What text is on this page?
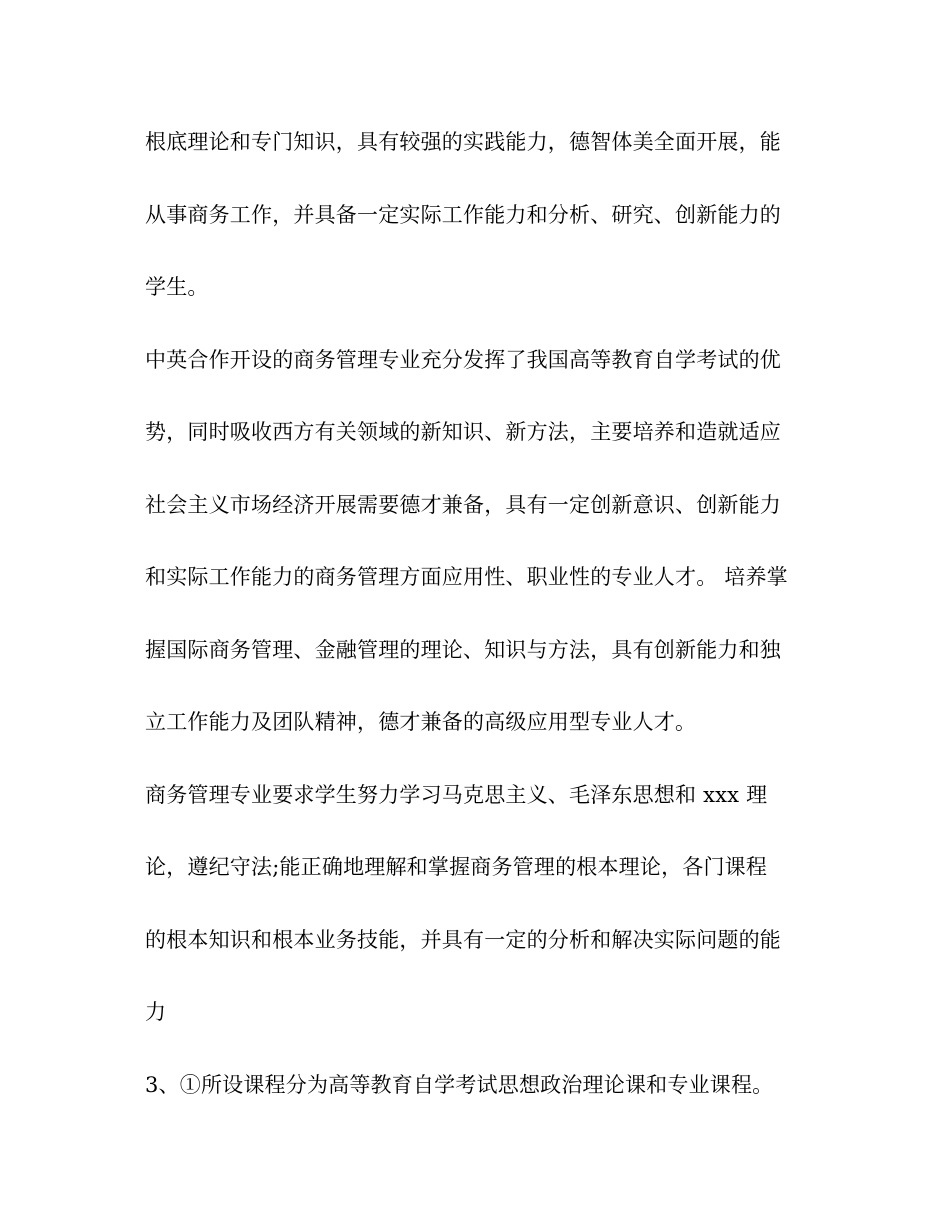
根底理论和专门知识，具有较强的实践能力，德智体美全面开展，能
从事商务工作，并具备一定实际工作能力和分析、研究、创新能力的
学生。
中英合作开设的商务管理专业充分发挥了我国高等教育自学考试的优
势，同时吸收西方有关领域的新知识、新方法，主要培养和造就适应
社会主义市场经济开展需要德才兼备，具有一定创新意识、创新能力
和实际工作能力的商务管理方面应用性、职业性的专业人才。 培养掌
握国际商务管理、金融管理的理论、知识与方法，具有创新能力和独
立工作能力及团队精神，德才兼备的高级应用型专业人才。
商务管理专业要求学生努力学习马克思主义、毛泽东思想和 xxx 理
论，遵纪守法;能正确地理解和掌握商务管理的根本理论，各门课程
的根本知识和根本业务技能，并具有一定的分析和解决实际问题的能
力
3、①所设课程分为高等教育自学考试思想政治理论课和专业课程。
